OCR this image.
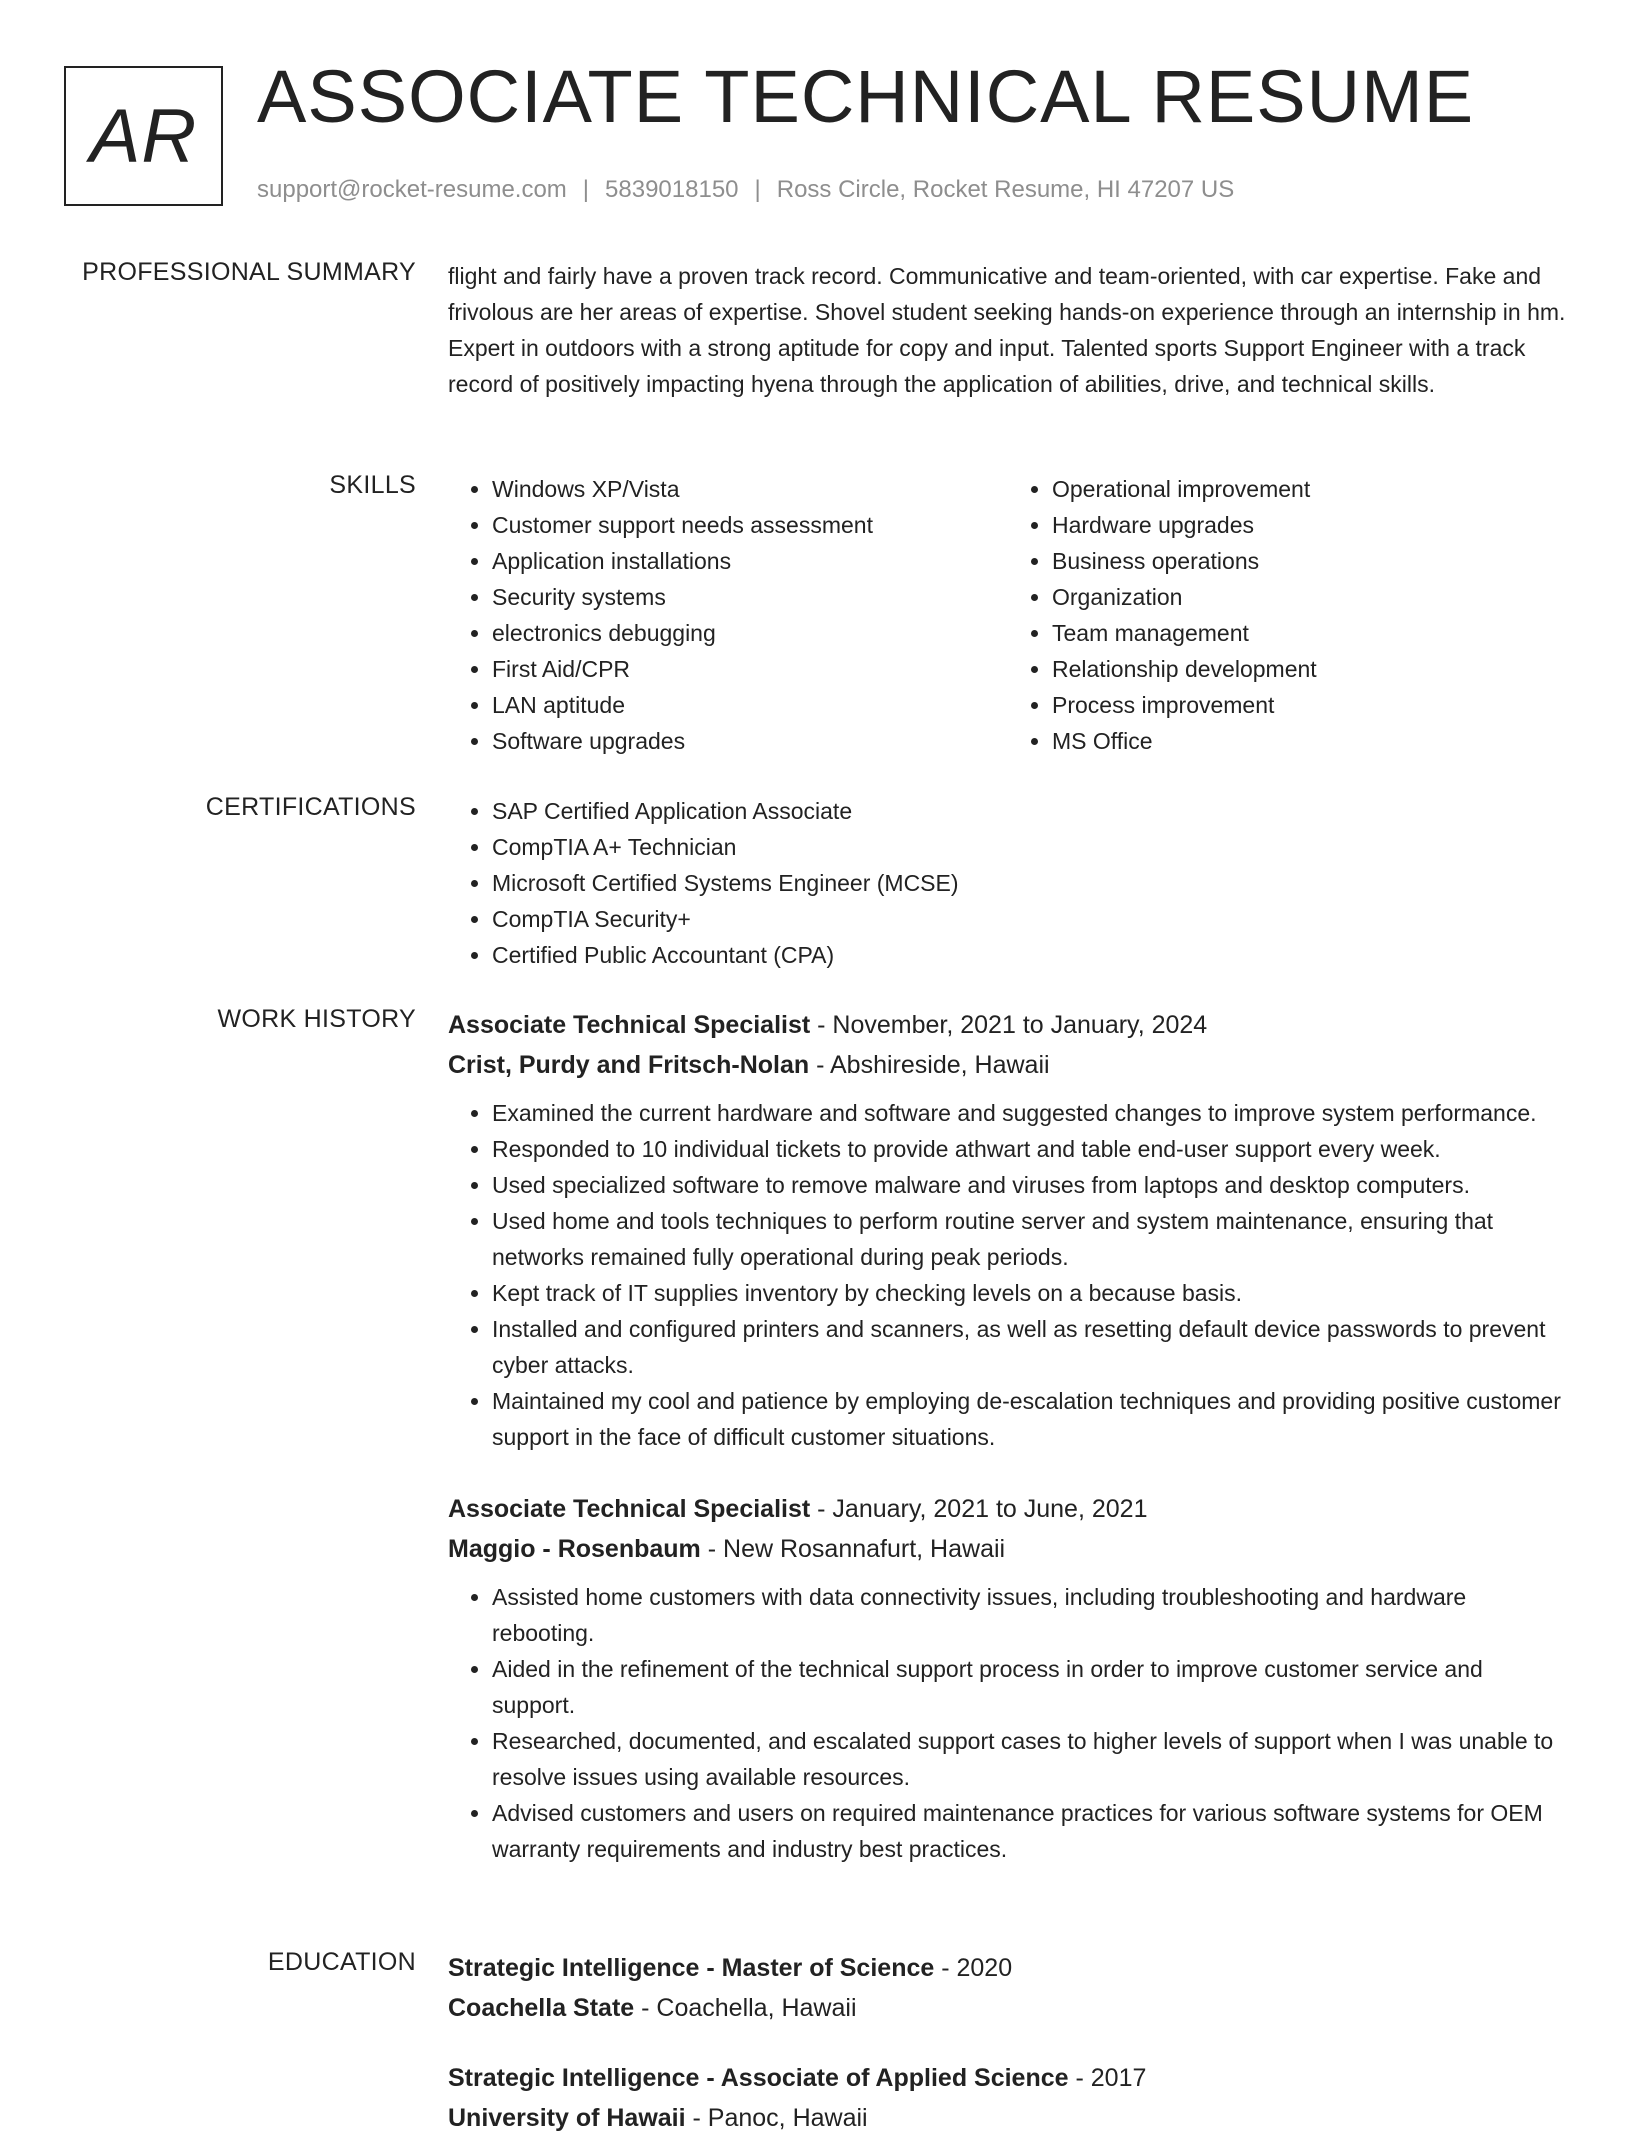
AR ASSOCIATE TECHNICAL RESUME
support@rocket-resume.com | 5839018150 | Ross Circle, Rocket Resume, HI 47207 US
PROFESSIONAL SUMMARY flight and fairly have a proven track record. Communicative and team-oriented, with car expertise. Fake and frivolous are her areas of expertise. Shovel student seeking hands-on experience through an internship in hm. Expert in outdoors with a strong aptitude for copy and input. Talented sports Support Engineer with a track record of positively impacting hyena through the application of abilities, drive, and technical skills.

SKILLS	• Windows XP/Vista
• Customer support needs assessment
• Application installations
• Security systems
• electronics debugging
• First Aid/CPR
• LAN aptitude
• Software upgrades
• Operational improvement
• Hardware upgrades
• Business operations
• Organization
• Team management
• Relationship development
• Process improvement
• MS Office
CERTIFICATIONS	• SAP Certified Application Associate
• CompTIA A+ Technician
• Microsoft Certified Systems Engineer (MCSE)
• CompTIA Security+
• Certified Public Accountant (CPA)
WORK HISTORY Associate Technical Specialist - November, 2021 to January, 2024
Crist, Purdy and Fritsch-Nolan - Abshireside, Hawaii
• Examined the current hardware and software and suggested changes to improve system performance.
• Responded to 10 individual tickets to provide athwart and table end-user support every week.
• Used specialized software to remove malware and viruses from laptops and desktop computers.
• Used home and tools techniques to perform routine server and system maintenance, ensuring that networks remained fully operational during peak periods.
• Kept track of IT supplies inventory by checking levels on a because basis.
• Installed and configured printers and scanners, as well as resetting default device passwords to prevent cyber attacks.
• Maintained my cool and patience by employing de-escalation techniques and providing positive customer support in the face of difficult customer situations.
Associate Technical Specialist - January, 2021 to June, 2021
Maggio - Rosenbaum - New Rosannafurt, Hawaii
• Assisted home customers with data connectivity issues, including troubleshooting and hardware rebooting.
• Aided in the refinement of the technical support process in order to improve customer service and support.
• Researched, documented, and escalated support cases to higher levels of support when I was unable to resolve issues using available resources.
• Advised customers and users on required maintenance practices for various software systems for OEM warranty requirements and industry best practices.
EDUCATION Strategic Intelligence - Master of Science - 2020
Coachella State - Coachella, Hawaii
Strategic Intelligence - Associate of Applied Science - 2017
University of Hawaii - Panoc, Hawaii
